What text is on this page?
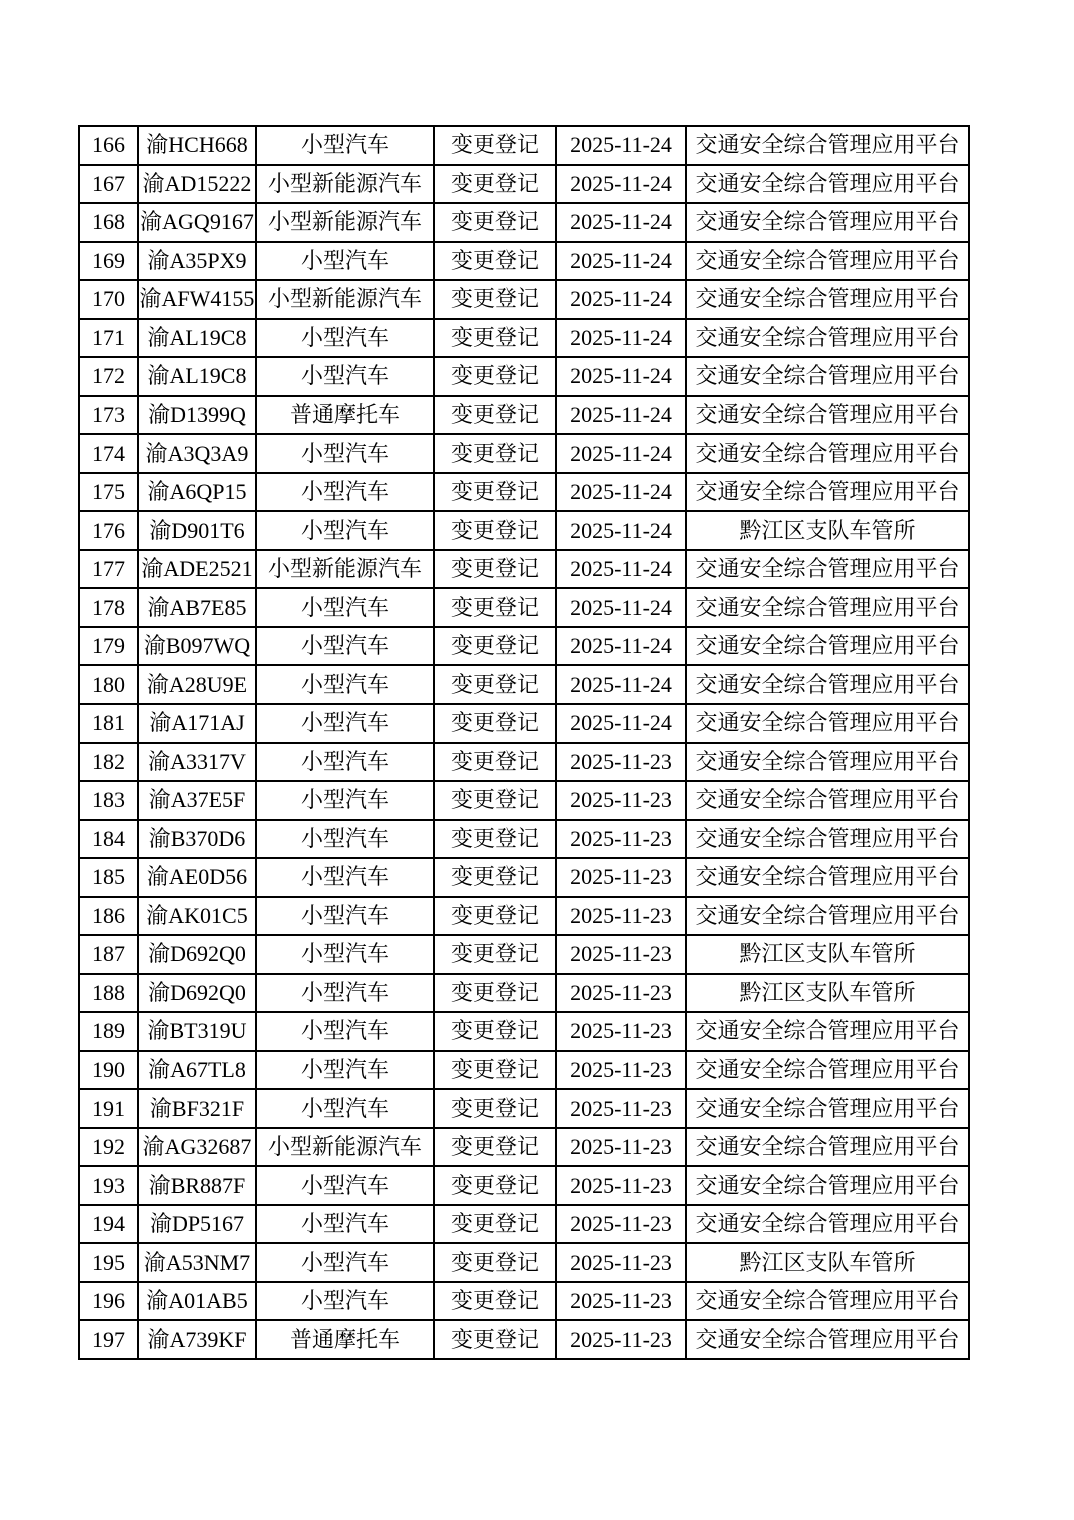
166	渝HCH668	小型汽车	变更登记	2025-11-24	交通安全综合管理应用平台
167	渝AD15222	小型新能源汽车	变更登记	2025-11-24	交通安全综合管理应用平台
168	渝AGQ9167	小型新能源汽车	变更登记	2025-11-24	交通安全综合管理应用平台
169	渝A35PX9	小型汽车	变更登记	2025-11-24	交通安全综合管理应用平台
170	渝AFW4155	小型新能源汽车	变更登记	2025-11-24	交通安全综合管理应用平台
171	渝AL19C8	小型汽车	变更登记	2025-11-24	交通安全综合管理应用平台
172	渝AL19C8	小型汽车	变更登记	2025-11-24	交通安全综合管理应用平台
173	渝D1399Q	普通摩托车	变更登记	2025-11-24	交通安全综合管理应用平台
174	渝A3Q3A9	小型汽车	变更登记	2025-11-24	交通安全综合管理应用平台
175	渝A6QP15	小型汽车	变更登记	2025-11-24	交通安全综合管理应用平台
176	渝D901T6	小型汽车	变更登记	2025-11-24	黔江区支队车管所
177	渝ADE2521	小型新能源汽车	变更登记	2025-11-24	交通安全综合管理应用平台
178	渝AB7E85	小型汽车	变更登记	2025-11-24	交通安全综合管理应用平台
179	渝B097WQ	小型汽车	变更登记	2025-11-24	交通安全综合管理应用平台
180	渝A28U9E	小型汽车	变更登记	2025-11-24	交通安全综合管理应用平台
181	渝A171AJ	小型汽车	变更登记	2025-11-24	交通安全综合管理应用平台
182	渝A3317V	小型汽车	变更登记	2025-11-23	交通安全综合管理应用平台
183	渝A37E5F	小型汽车	变更登记	2025-11-23	交通安全综合管理应用平台
184	渝B370D6	小型汽车	变更登记	2025-11-23	交通安全综合管理应用平台
185	渝AE0D56	小型汽车	变更登记	2025-11-23	交通安全综合管理应用平台
186	渝AK01C5	小型汽车	变更登记	2025-11-23	交通安全综合管理应用平台
187	渝D692Q0	小型汽车	变更登记	2025-11-23	黔江区支队车管所
188	渝D692Q0	小型汽车	变更登记	2025-11-23	黔江区支队车管所
189	渝BT319U	小型汽车	变更登记	2025-11-23	交通安全综合管理应用平台
190	渝A67TL8	小型汽车	变更登记	2025-11-23	交通安全综合管理应用平台
191	渝BF321F	小型汽车	变更登记	2025-11-23	交通安全综合管理应用平台
192	渝AG32687	小型新能源汽车	变更登记	2025-11-23	交通安全综合管理应用平台
193	渝BR887F	小型汽车	变更登记	2025-11-23	交通安全综合管理应用平台
194	渝DP5167	小型汽车	变更登记	2025-11-23	交通安全综合管理应用平台
195	渝A53NM7	小型汽车	变更登记	2025-11-23	黔江区支队车管所
196	渝A01AB5	小型汽车	变更登记	2025-11-23	交通安全综合管理应用平台
197	渝A739KF	普通摩托车	变更登记	2025-11-23	交通安全综合管理应用平台
